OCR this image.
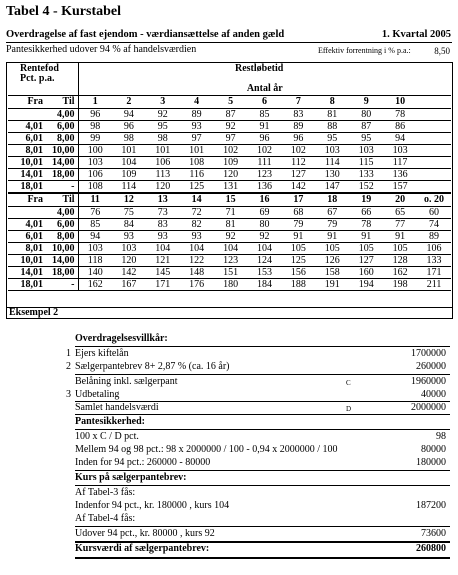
Tabel 4 - Kurstabel
Overdragelse af fast ejendom - værdiansættelse af anden gæld	1. Kvartal 2005
Pantesikkerhed udover 94 % af handelsværdien	Effektiv forrentning i % p.a.:	8,50
Rentefod
Pct. p.a.
Restløbetid
		Antal år										
Fra	Til	1	2	3	4	5	6	7	8	9	10	
	4,00	96	94	92	89	87	85	83	81	80	78	
4,01	6,00	98	96	95	93	92	91	89	88	87	86	
6,01	8,00	99	98	98	97	97	96	96	95	95	94	
8,01	10,00	100	101	101	101	102	102	102	103	103	103	
10,01	14,00	103	104	106	108	109	111	112	114	115	117	
14,01	18,00	106	109	113	116	120	123	127	130	133	136	
18,01	-	108	114	120	125	131	136	142	147	152	157	
Fra	Til	11	12	13	14	15	16	17	18	19	20	o. 20
	4,00	76	75	73	72	71	69	68	67	66	65	60
4,01	6,00	85	84	83	82	81	80	79	79	78	77	74
6,01	8,00	94	93	93	93	92	92	91	91	91	91	89
8,01	10,00	103	103	104	104	104	104	105	105	105	105	106
10,01	14,00	118	120	121	122	123	124	125	126	127	128	133
14,01	18,00	140	142	145	148	151	153	156	158	160	162	171
18,01	-	162	167	171	176	180	184	188	191	194	198	211
Eksempel 2
Overdragelsesvillkår:
1 Ejers kiftelån	1700000
2 Sælgerpantebrev 8+ 2,87 % (ca. 16 år)	260000
Belåning inkl. sælgerpant	C	1960000
3 Udbetaling	40000
Samlet handelsværdi	D	2000000
Pantesikkerhed:
100 x C / D pct.	98
Mellem 94 og 98 pct.: 98 x 2000000 / 100 - 0,94 x 2000000 / 100	80000
Inden for 94 pct.: 260000 - 80000	180000
Kurs på sælgerpantebrev:
Af Tabel-3 fås:
Indenfor 94 pct., kr. 180000 , kurs 104	187200
Af Tabel-4 fås:
Udover 94 pct., kr. 80000 , kurs 92	73600
Kursværdi af sælgerpantebrev:	260800
